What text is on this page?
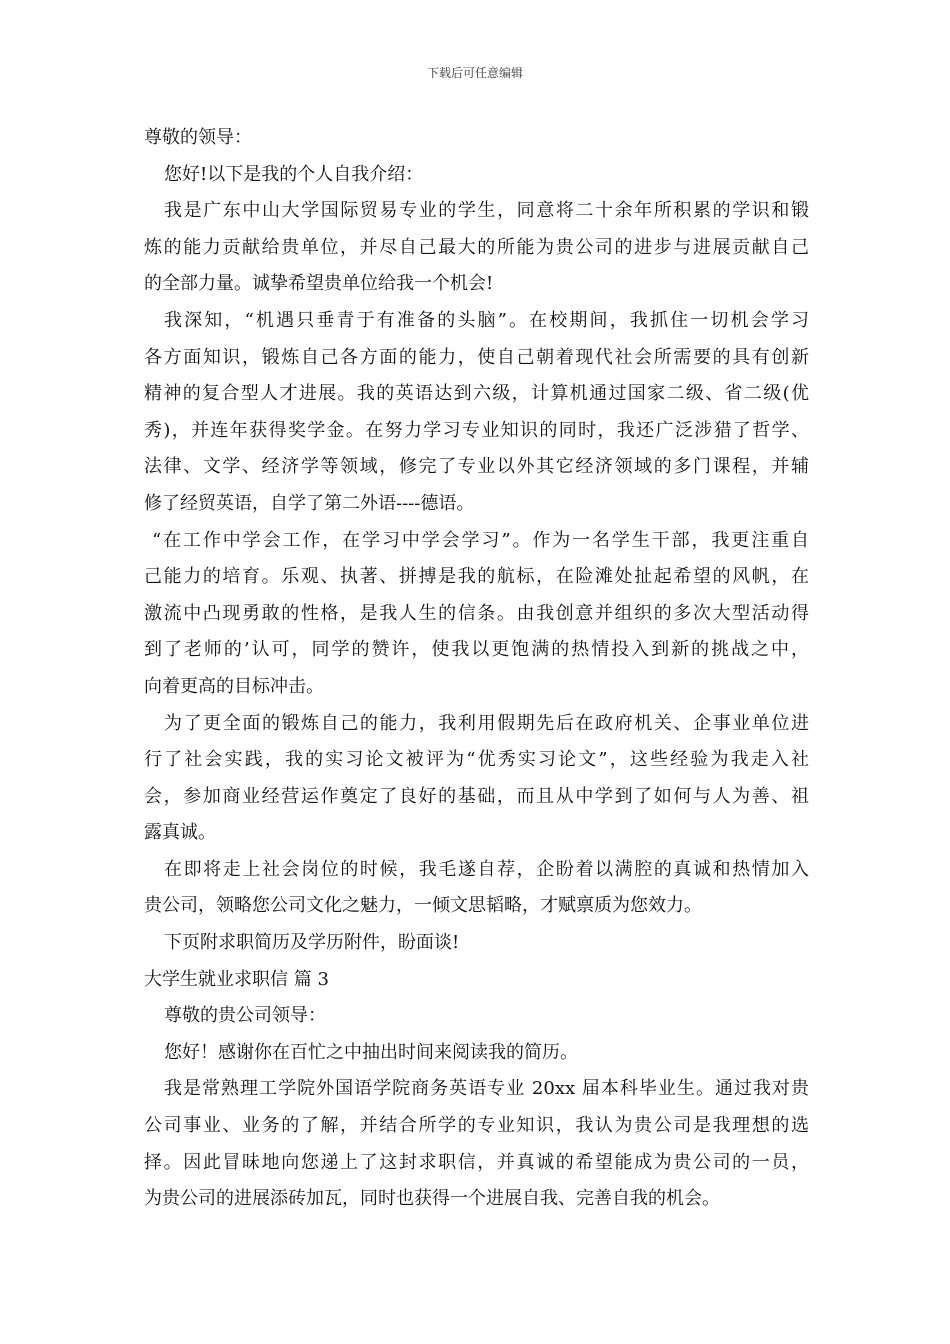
下载后可任意编辑
尊敬的领导：
您好!以下是我的个人自我介绍：
我是广东中山大学国际贸易专业的学生，同意将二十余年所积累的学识和锻
炼的能力贡献给贵单位，并尽自己最大的所能为贵公司的进步与进展贡献自己
的全部力量。诚挚希望贵单位给我一个机会!
我深知，“机遇只垂青于有准备的头脑”。在校期间，我抓住一切机会学习
各方面知识，锻炼自己各方面的能力，使自己朝着现代社会所需要的具有创新
精神的复合型人才进展。我的英语达到六级，计算机通过国家二级、省二级(优
秀)，并连年获得奖学金。在努力学习专业知识的同时，我还广泛涉猎了哲学、
法律、文学、经济学等领域，修完了专业以外其它经济领域的多门课程，并辅
修了经贸英语，自学了第二外语----德语。
“在工作中学会工作，在学习中学会学习”。作为一名学生干部，我更注重自
己能力的培育。乐观、执著、拼搏是我的航标，在险滩处扯起希望的风帆，在
激流中凸现勇敢的性格，是我人生的信条。由我创意并组织的多次大型活动得
到了老师的’认可，同学的赞许，使我以更饱满的热情投入到新的挑战之中，
向着更高的目标冲击。
为了更全面的锻炼自己的能力，我利用假期先后在政府机关、企事业单位进
行了社会实践，我的实习论文被评为“优秀实习论文”，这些经验为我走入社
会，参加商业经营运作奠定了良好的基础，而且从中学到了如何与人为善、祖
露真诚。
在即将走上社会岗位的时候，我毛遂自荐，企盼着以满腔的真诚和热情加入
贵公司，领略您公司文化之魅力，一倾文思韬略，才赋禀质为您效力。
下页附求职简历及学历附件，盼面谈!
大学生就业求职信 篇 3
尊敬的贵公司领导：
您好！感谢你在百忙之中抽出时间来阅读我的简历。
我是常熟理工学院外国语学院商务英语专业 20xx 届本科毕业生。通过我对贵
公司事业、业务的了解，并结合所学的专业知识，我认为贵公司是我理想的选
择。因此冒昧地向您递上了这封求职信，并真诚的希望能成为贵公司的一员，
为贵公司的进展添砖加瓦，同时也获得一个进展自我、完善自我的机会。
